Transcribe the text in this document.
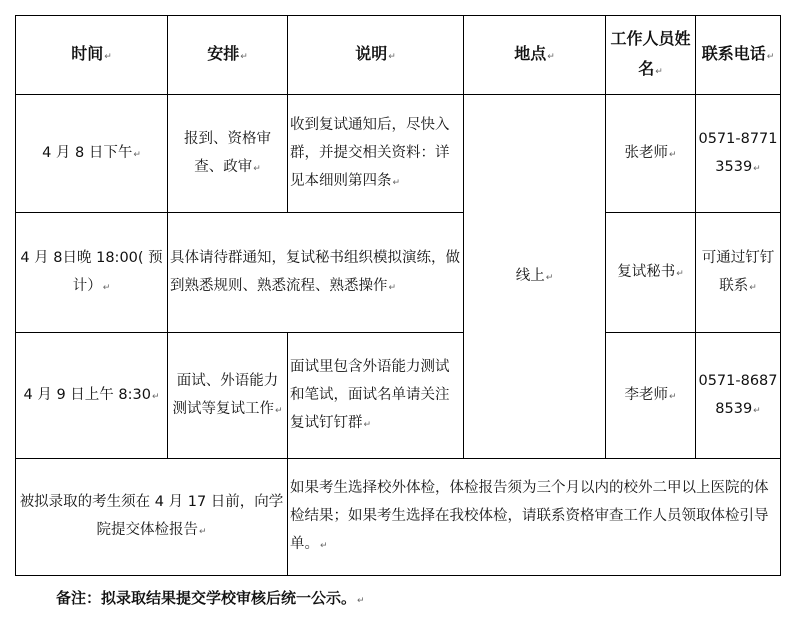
时间↵	安排↵	说明↵	地点↵	工作人员姓名↵	联系电话↵
4 月 8 日下午↵	报到、资格审查、政审↵	收到复试通知后，尽快入群，并提交相关资料：详见本细则第四条↵	线上↵	张老师↵	0571-87713539↵
4 月 8日晚 18:00( 预计）↵	具体请待群通知，复试秘书组织模拟演练，做到熟悉规则、熟悉流程、熟悉操作↵			复试秘书↵	可通过钉钉联系↵
4 月 9 日上午 8:30↵	面试、外语能力测试等复试工作↵	面试里包含外语能力测试和笔试，面试名单请关注 复试钉钉群↵		李老师↵	0571-86878539↵
被拟录取的考生须在 4 月 17 日前，向学院提交体检报告↵		如果考生选择校外体检，体检报告须为三个月以内的校外二甲以上医院的体检结果；如果考生选择在我校体检，请联系资格审查工作人员领取体检引导单。↵			
备注：拟录取结果提交学校审核后统一公示。↵
